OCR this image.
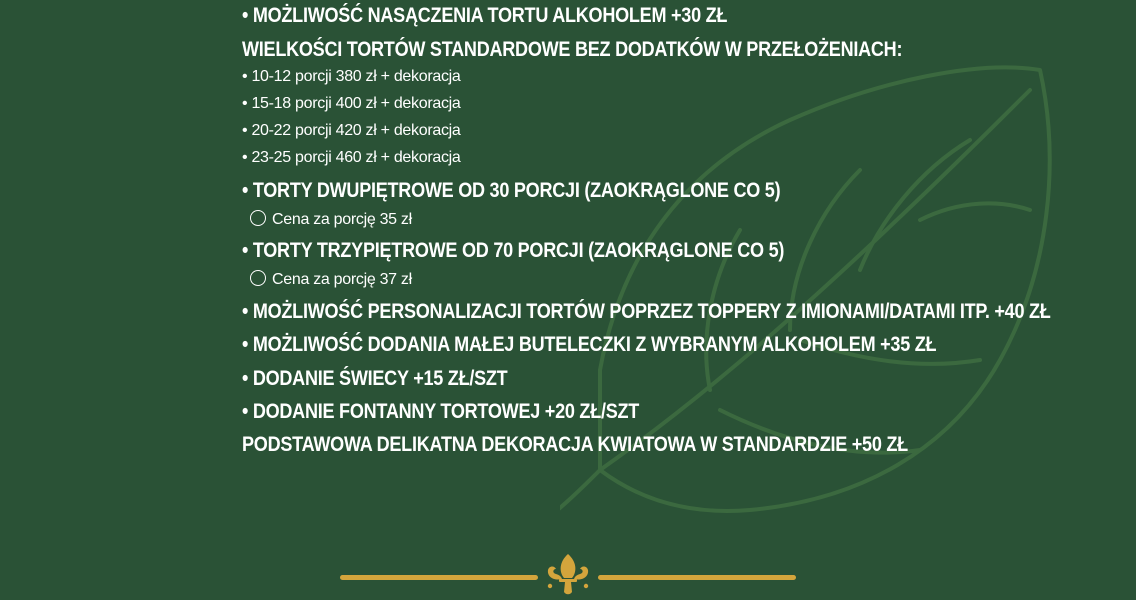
• MOŻLIWOŚĆ NASĄCZENIA TORTU ALKOHOLEM +30 ZŁ
WIELKOŚCI TORTÓW STANDARDOWE BEZ DODATKÓW W PRZEŁOŻENIACH:
• 10-12 porcji 380 zł + dekoracja
• 15-18 porcji 400 zł + dekoracja
• 20-22 porcji 420 zł + dekoracja
• 23-25 porcji 460 zł + dekoracja
• TORTY DWUPIĘTROWE OD 30 PORCJI (ZAOKRĄGLONE CO 5)
Cena za porcję 35 zł
• TORTY TRZYPIĘTROWE OD 70 PORCJI (ZAOKRĄGLONE CO 5)
Cena za porcję 37 zł
• MOŻLIWOŚĆ PERSONALIZACJI TORTÓW POPRZEZ TOPPERY Z IMIONAMI/DATAMI ITP. +40 ZŁ
• MOŻLIWOŚĆ DODANIA MAŁEJ BUTELECZKI Z WYBRANYM ALKOHOLEM +35 ZŁ
• DODANIE ŚWIECY +15 ZŁ/SZT
• DODANIE FONTANNY TORTOWEJ +20 ZŁ/SZT
PODSTAWOWA DELIKATNA DEKORACJA KWIATOWA W STANDARDZIE +50 ZŁ
